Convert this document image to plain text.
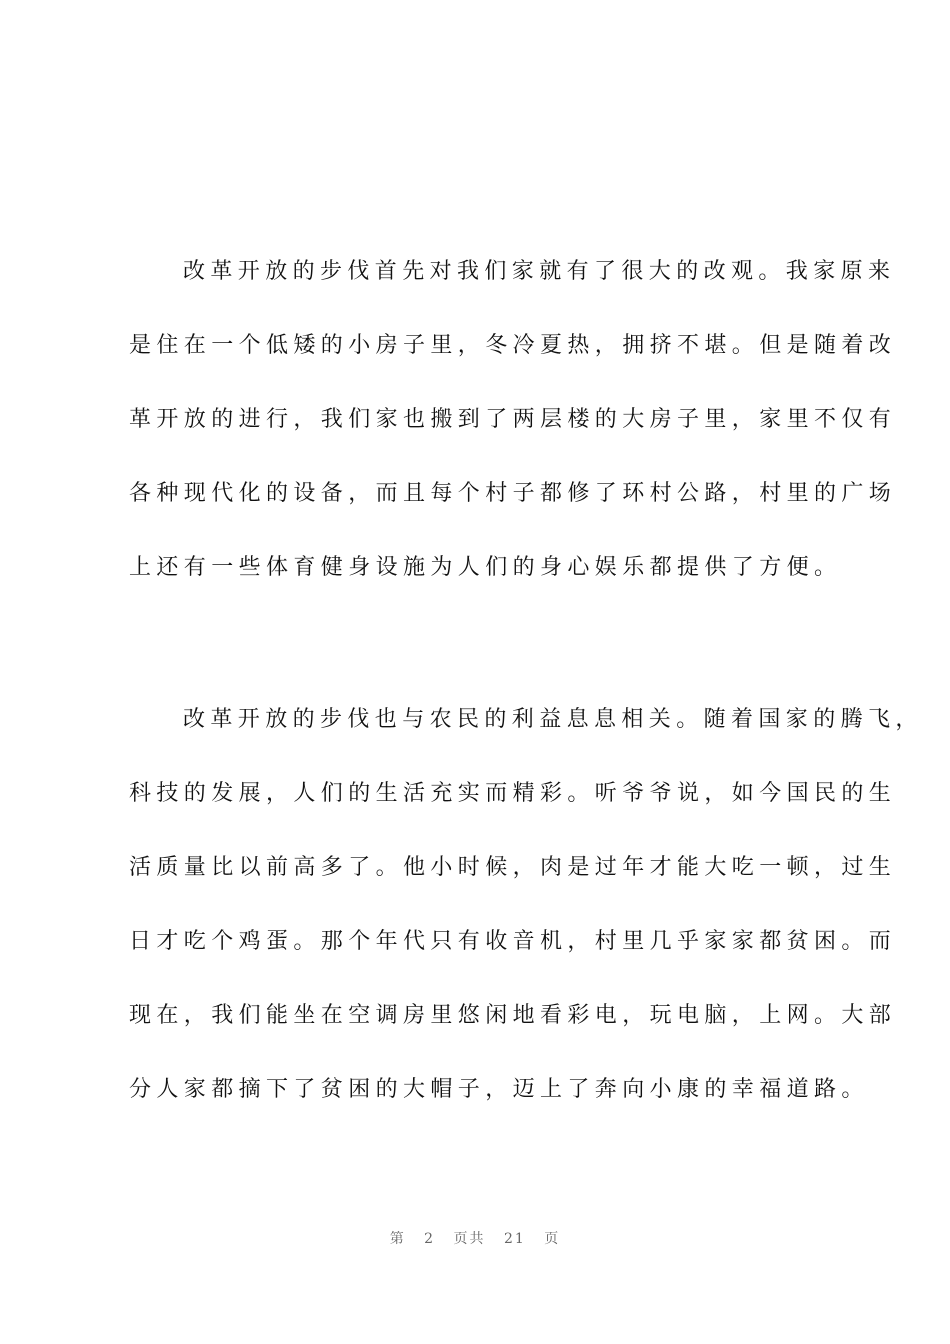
改革开放的步伐首先对我们家就有了很大的改观。我家原来
是住在一个低矮的小房子里，冬冷夏热，拥挤不堪。但是随着改
革开放的进行，我们家也搬到了两层楼的大房子里，家里不仅有
各种现代化的设备，而且每个村子都修了环村公路，村里的广场
上还有一些体育健身设施为人们的身心娱乐都提供了方便。
改革开放的步伐也与农民的利益息息相关。随着国家的腾飞，
科技的发展，人们的生活充实而精彩。听爷爷说，如今国民的生
活质量比以前高多了。他小时候，肉是过年才能大吃一顿，过生
日才吃个鸡蛋。那个年代只有收音机，村里几乎家家都贫困。而
现在，我们能坐在空调房里悠闲地看彩电，玩电脑，上网。大部
分人家都摘下了贫困的大帽子，迈上了奔向小康的幸福道路。
第 2 页共 21 页
